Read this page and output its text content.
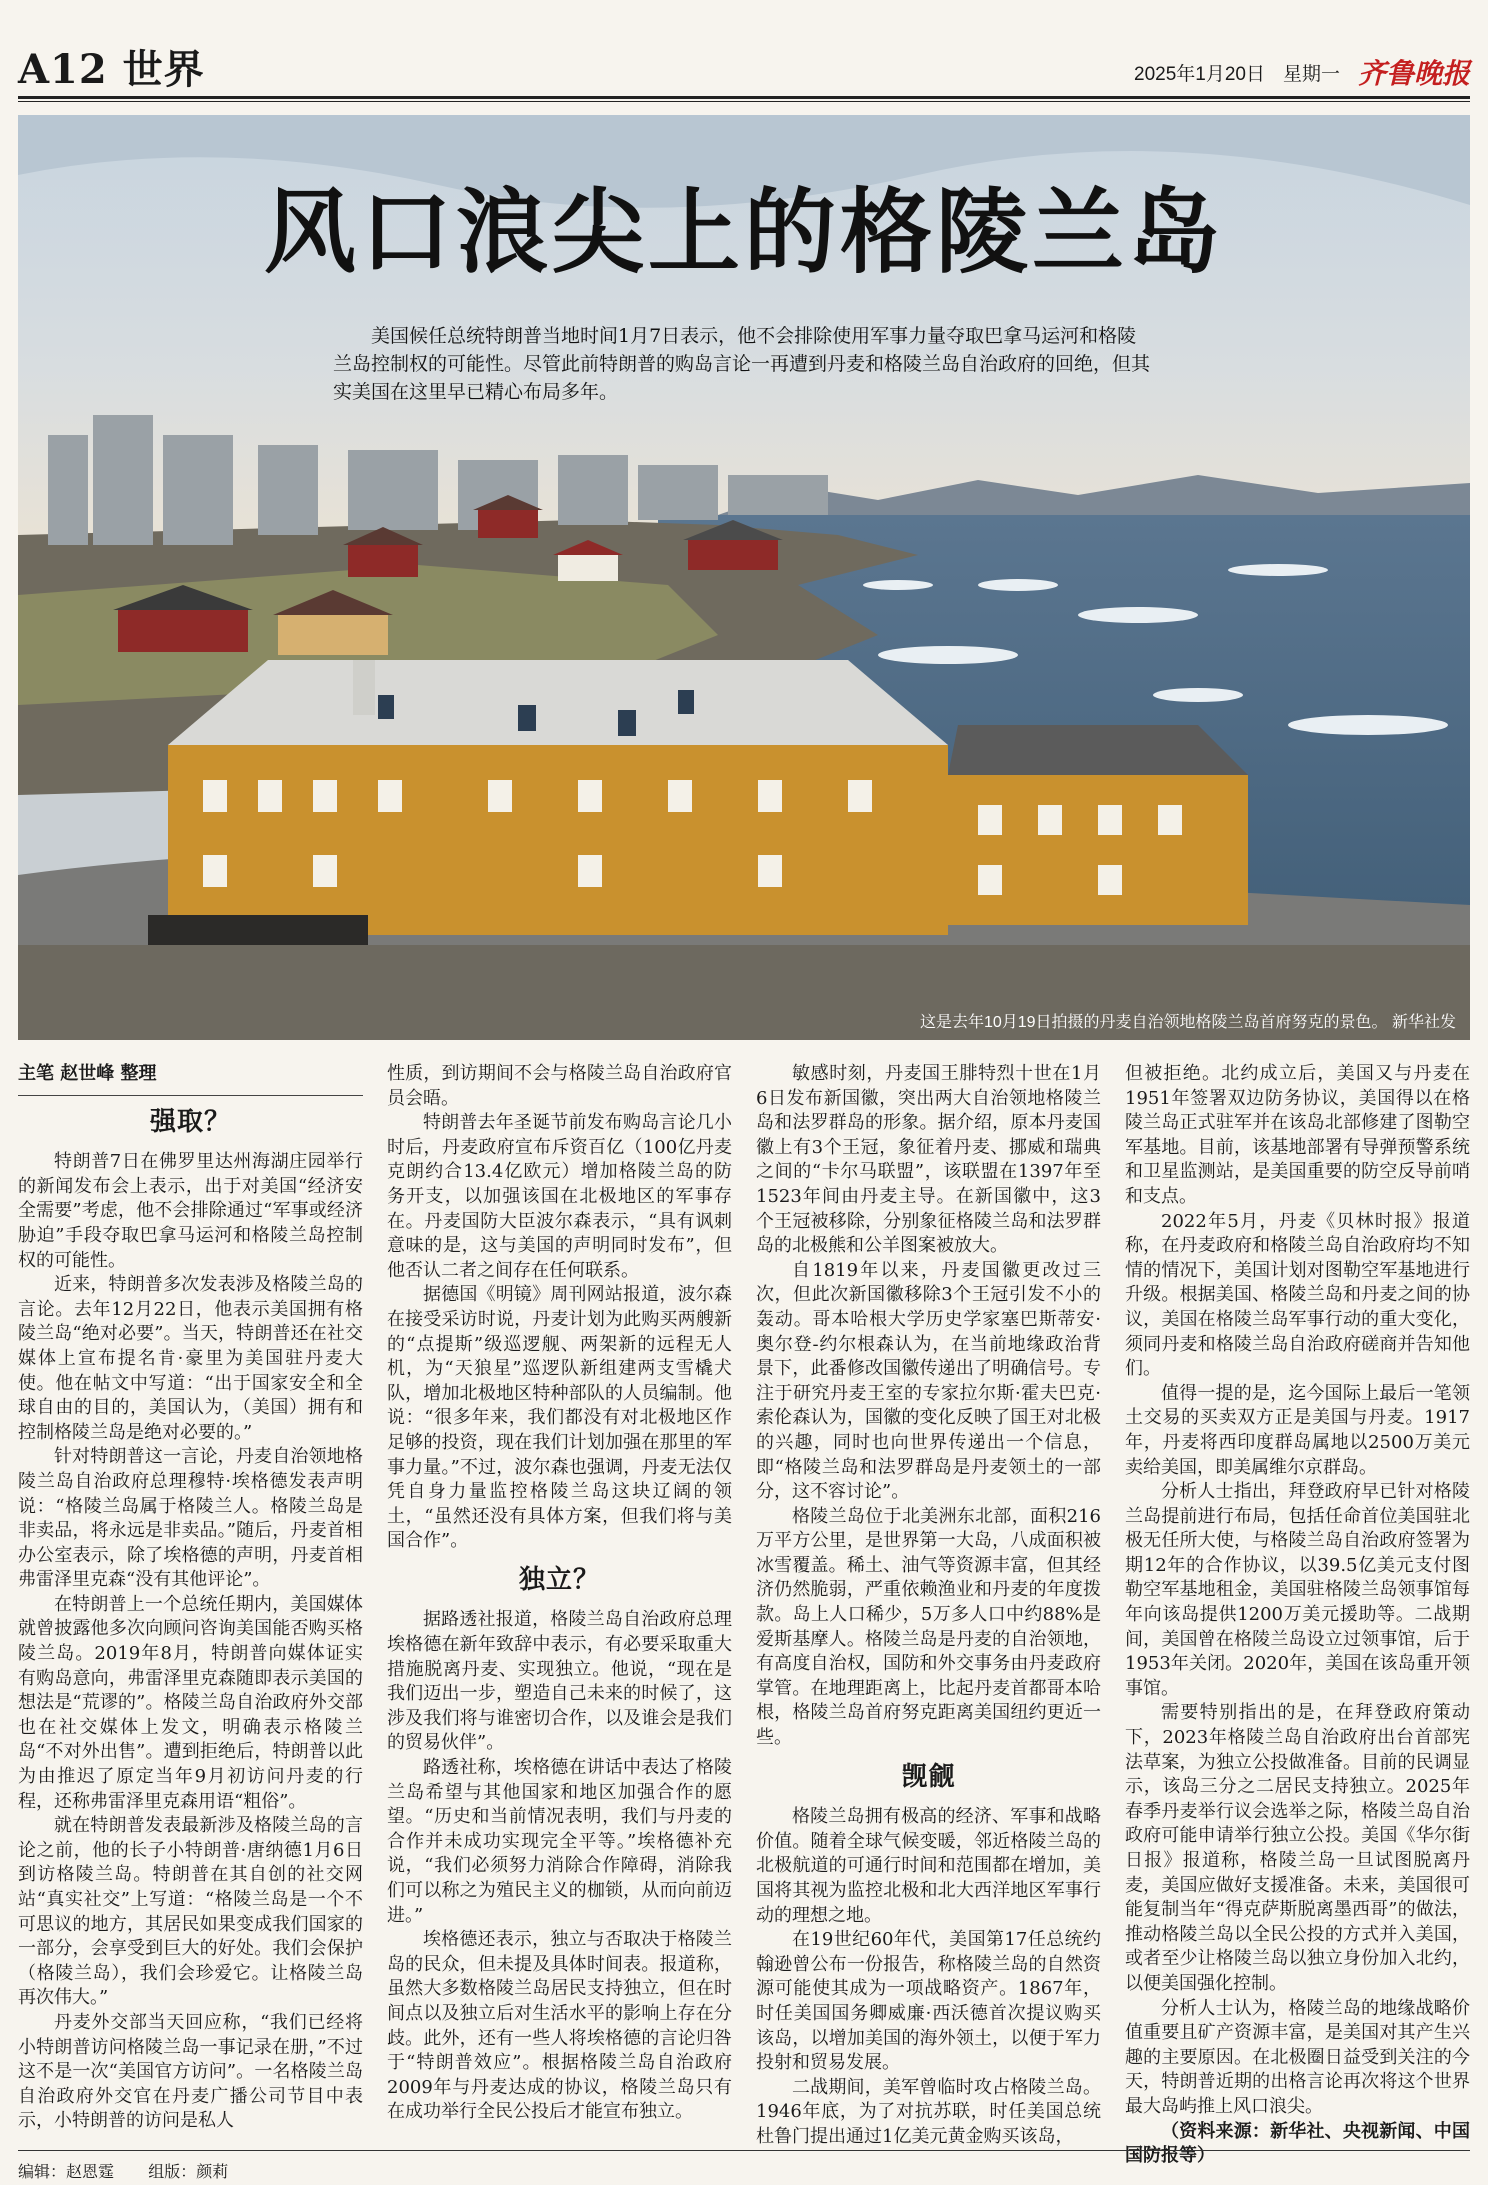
A12 世界	2025年1月20日 星期一 齐鲁晚报
风口浪尖上的格陵兰岛
美国候任总统特朗普当地时间1月7日表示，他不会排除使用军事力量夺取巴拿马运河和格陵兰岛控制权的可能性。尽管此前特朗普的购岛言论一再遭到丹麦和格陵兰岛自治政府的回绝，但其实美国在这里早已精心布局多年。
这是去年10月19日拍摄的丹麦自治领地格陵兰岛首府努克的景色。 新华社发

主笔 赵世峰 整理

强取？

特朗普7日在佛罗里达州海湖庄园举行的新闻发布会上表示，出于对美国“经济安全需要”考虑，他不会排除通过“军事或经济胁迫”手段夺取巴拿马运河和格陵兰岛控制权的可能性。

近来，特朗普多次发表涉及格陵兰岛的言论。去年12月22日，他表示美国拥有格陵兰岛“绝对必要”。当天，特朗普还在社交媒体上宣布提名肯·豪里为美国驻丹麦大使。他在帖文中写道：“出于国家安全和全球自由的目的，美国认为，（美国）拥有和控制格陵兰岛是绝对必要的。”

针对特朗普这一言论，丹麦自治领地格陵兰岛自治政府总理穆特·埃格德发表声明说：“格陵兰岛属于格陵兰人。格陵兰岛是非卖品，将永远是非卖品。”随后，丹麦首相办公室表示，除了埃格德的声明，丹麦首相弗雷泽里克森“没有其他评论”。

在特朗普上一个总统任期内，美国媒体就曾披露他多次向顾问咨询美国能否购买格陵兰岛。2019年8月，特朗普向媒体证实有购岛意向，弗雷泽里克森随即表示美国的想法是“荒谬的”。格陵兰岛自治政府外交部也在社交媒体上发文，明确表示格陵兰岛“不对外出售”。遭到拒绝后，特朗普以此为由推迟了原定当年9月初访问丹麦的行程，还称弗雷泽里克森用语“粗俗”。

就在特朗普发表最新涉及格陵兰岛的言论之前，他的长子小特朗普·唐纳德1月6日到访格陵兰岛。特朗普在其自创的社交网站“真实社交”上写道：“格陵兰岛是一个不可思议的地方，其居民如果变成我们国家的一部分，会享受到巨大的好处。我们会保护（格陵兰岛），我们会珍爱它。让格陵兰岛再次伟大。”

丹麦外交部当天回应称，“我们已经将小特朗普访问格陵兰岛一事记录在册，”不过这不是一次“美国官方访问”。一名格陵兰岛自治政府外交官在丹麦广播公司节目中表示，小特朗普的访问是私人

性质，到访期间不会与格陵兰岛自治政府官员会晤。

特朗普去年圣诞节前发布购岛言论几小时后，丹麦政府宣布斥资百亿（100亿丹麦克朗约合13.4亿欧元）增加格陵兰岛的防务开支，以加强该国在北极地区的军事存在。丹麦国防大臣波尔森表示，“具有讽刺意味的是，这与美国的声明同时发布”，但他否认二者之间存在任何联系。

据德国《明镜》周刊网站报道，波尔森在接受采访时说，丹麦计划为此购买两艘新的“点提斯”级巡逻舰、两架新的远程无人机，为“天狼星”巡逻队新组建两支雪橇犬队，增加北极地区特种部队的人员编制。他说：“很多年来，我们都没有对北极地区作足够的投资，现在我们计划加强在那里的军事力量。”不过，波尔森也强调，丹麦无法仅凭自身力量监控格陵兰岛这块辽阔的领土，“虽然还没有具体方案，但我们将与美国合作”。

独立？

据路透社报道，格陵兰岛自治政府总理埃格德在新年致辞中表示，有必要采取重大措施脱离丹麦、实现独立。他说，“现在是我们迈出一步，塑造自己未来的时候了，这涉及我们将与谁密切合作，以及谁会是我们的贸易伙伴”。

路透社称，埃格德在讲话中表达了格陵兰岛希望与其他国家和地区加强合作的愿望。“历史和当前情况表明，我们与丹麦的合作并未成功实现完全平等。”埃格德补充说，“我们必须努力消除合作障碍，消除我们可以称之为殖民主义的枷锁，从而向前迈进。”

埃格德还表示，独立与否取决于格陵兰岛的民众，但未提及具体时间表。报道称，虽然大多数格陵兰岛居民支持独立，但在时间点以及独立后对生活水平的影响上存在分歧。此外，还有一些人将埃格德的言论归咎于“特朗普效应”。根据格陵兰岛自治政府2009年与丹麦达成的协议，格陵兰岛只有在成功举行全民公投后才能宣布独立。

敏感时刻，丹麦国王腓特烈十世在1月6日发布新国徽，突出两大自治领地格陵兰岛和法罗群岛的形象。据介绍，原本丹麦国徽上有3个王冠，象征着丹麦、挪威和瑞典之间的“卡尔马联盟”，该联盟在1397年至1523年间由丹麦主导。在新国徽中，这3个王冠被移除，分别象征格陵兰岛和法罗群岛的北极熊和公羊图案被放大。

自1819年以来，丹麦国徽更改过三次，但此次新国徽移除3个王冠引发不小的轰动。哥本哈根大学历史学家塞巴斯蒂安·奥尔登-约尔根森认为，在当前地缘政治背景下，此番修改国徽传递出了明确信号。专注于研究丹麦王室的专家拉尔斯·霍夫巴克·索伦森认为，国徽的变化反映了国王对北极的兴趣，同时也向世界传递出一个信息，即“格陵兰岛和法罗群岛是丹麦领土的一部分，这不容讨论”。

格陵兰岛位于北美洲东北部，面积216万平方公里，是世界第一大岛，八成面积被冰雪覆盖。稀土、油气等资源丰富，但其经济仍然脆弱，严重依赖渔业和丹麦的年度拨款。岛上人口稀少，5万多人口中约88%是爱斯基摩人。格陵兰岛是丹麦的自治领地，有高度自治权，国防和外交事务由丹麦政府掌管。在地理距离上，比起丹麦首都哥本哈根，格陵兰岛首府努克距离美国纽约更近一些。

觊觎

格陵兰岛拥有极高的经济、军事和战略价值。随着全球气候变暖，邻近格陵兰岛的北极航道的可通行时间和范围都在增加，美国将其视为监控北极和北大西洋地区军事行动的理想之地。

在19世纪60年代，美国第17任总统约翰逊曾公布一份报告，称格陵兰岛的自然资源可能使其成为一项战略资产。1867年，时任美国国务卿威廉·西沃德首次提议购买该岛，以增加美国的海外领土，以便于军力投射和贸易发展。

二战期间，美军曾临时攻占格陵兰岛。1946年底，为了对抗苏联，时任美国总统杜鲁门提出通过1亿美元黄金购买该岛，

但被拒绝。北约成立后，美国又与丹麦在1951年签署双边防务协议，美国得以在格陵兰岛正式驻军并在该岛北部修建了图勒空军基地。目前，该基地部署有导弹预警系统和卫星监测站，是美国重要的防空反导前哨和支点。

2022年5月，丹麦《贝林时报》报道称，在丹麦政府和格陵兰岛自治政府均不知情的情况下，美国计划对图勒空军基地进行升级。根据美国、格陵兰岛和丹麦之间的协议，美国在格陵兰岛军事行动的重大变化，须同丹麦和格陵兰岛自治政府磋商并告知他们。

值得一提的是，迄今国际上最后一笔领土交易的买卖双方正是美国与丹麦。1917年，丹麦将西印度群岛属地以2500万美元卖给美国，即美属维尔京群岛。

分析人士指出，拜登政府早已针对格陵兰岛提前进行布局，包括任命首位美国驻北极无任所大使，与格陵兰岛自治政府签署为期12年的合作协议，以39.5亿美元支付图勒空军基地租金，美国驻格陵兰岛领事馆每年向该岛提供1200万美元援助等。二战期间，美国曾在格陵兰岛设立过领事馆，后于1953年关闭。2020年，美国在该岛重开领事馆。

需要特别指出的是，在拜登政府策动下，2023年格陵兰岛自治政府出台首部宪法草案，为独立公投做准备。目前的民调显示，该岛三分之二居民支持独立。2025年春季丹麦举行议会选举之际，格陵兰岛自治政府可能申请举行独立公投。美国《华尔街日报》报道称，格陵兰岛一旦试图脱离丹麦，美国应做好支援准备。未来，美国很可能复制当年“得克萨斯脱离墨西哥”的做法，推动格陵兰岛以全民公投的方式并入美国，或者至少让格陵兰岛以独立身份加入北约，以便美国强化控制。

分析人士认为，格陵兰岛的地缘战略价值重要且矿产资源丰富，是美国对其产生兴趣的主要原因。在北极圈日益受到关注的今天，特朗普近期的出格言论再次将这个世界最大岛屿推上风口浪尖。

（资料来源：新华社、央视新闻、中国国防报等）

编辑：赵恩霆 组版：颜莉
